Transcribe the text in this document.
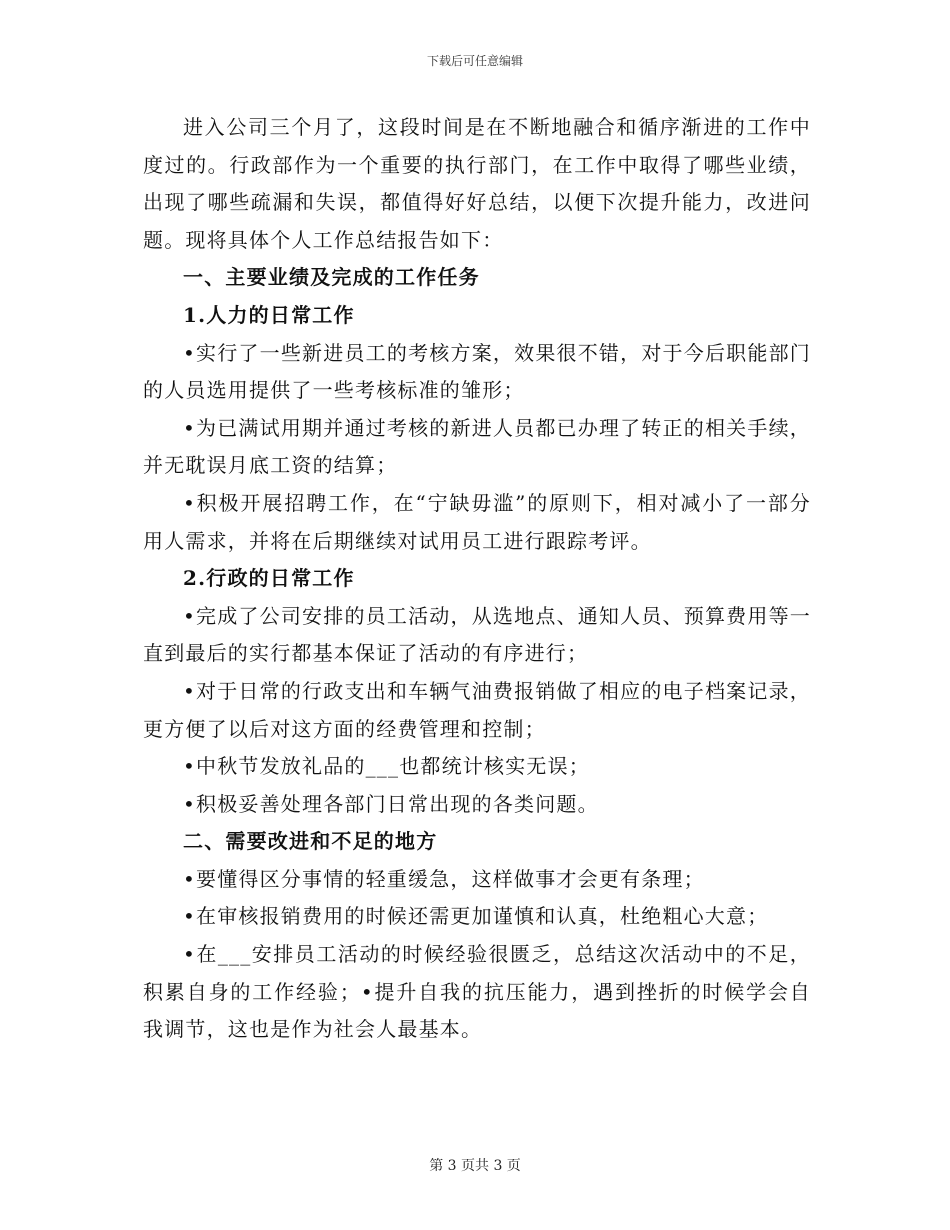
下载后可任意编辑

进入公司三个月了，这段时间是在不断地融合和循序渐进的工作中度过的。行政部作为一个重要的执行部门，在工作中取得了哪些业绩，出现了哪些疏漏和失误，都值得好好总结，以便下次提升能力，改进问题。现将具体个人工作总结报告如下：

一、主要业绩及完成的工作任务

1.人力的日常工作

•实行了一些新进员工的考核方案，效果很不错，对于今后职能部门的人员选用提供了一些考核标准的雏形；

•为已满试用期并通过考核的新进人员都已办理了转正的相关手续，并无耽误月底工资的结算；

•积极开展招聘工作，在“宁缺毋滥”的原则下，相对减小了一部分用人需求，并将在后期继续对试用员工进行跟踪考评。

2.行政的日常工作

•完成了公司安排的员工活动，从选地点、通知人员、预算费用等一直到最后的实行都基本保证了活动的有序进行；

•对于日常的行政支出和车辆气油费报销做了相应的电子档案记录，更方便了以后对这方面的经费管理和控制；

•中秋节发放礼品的___也都统计核实无误；

•积极妥善处理各部门日常出现的各类问题。

二、需要改进和不足的地方

•要懂得区分事情的轻重缓急，这样做事才会更有条理；

•在审核报销费用的时候还需更加谨慎和认真，杜绝粗心大意；

•在___安排员工活动的时候经验很匮乏，总结这次活动中的不足，积累自身的工作经验；•提升自我的抗压能力，遇到挫折的时候学会自我调节，这也是作为社会人最基本。

第 3 页共 3 页
